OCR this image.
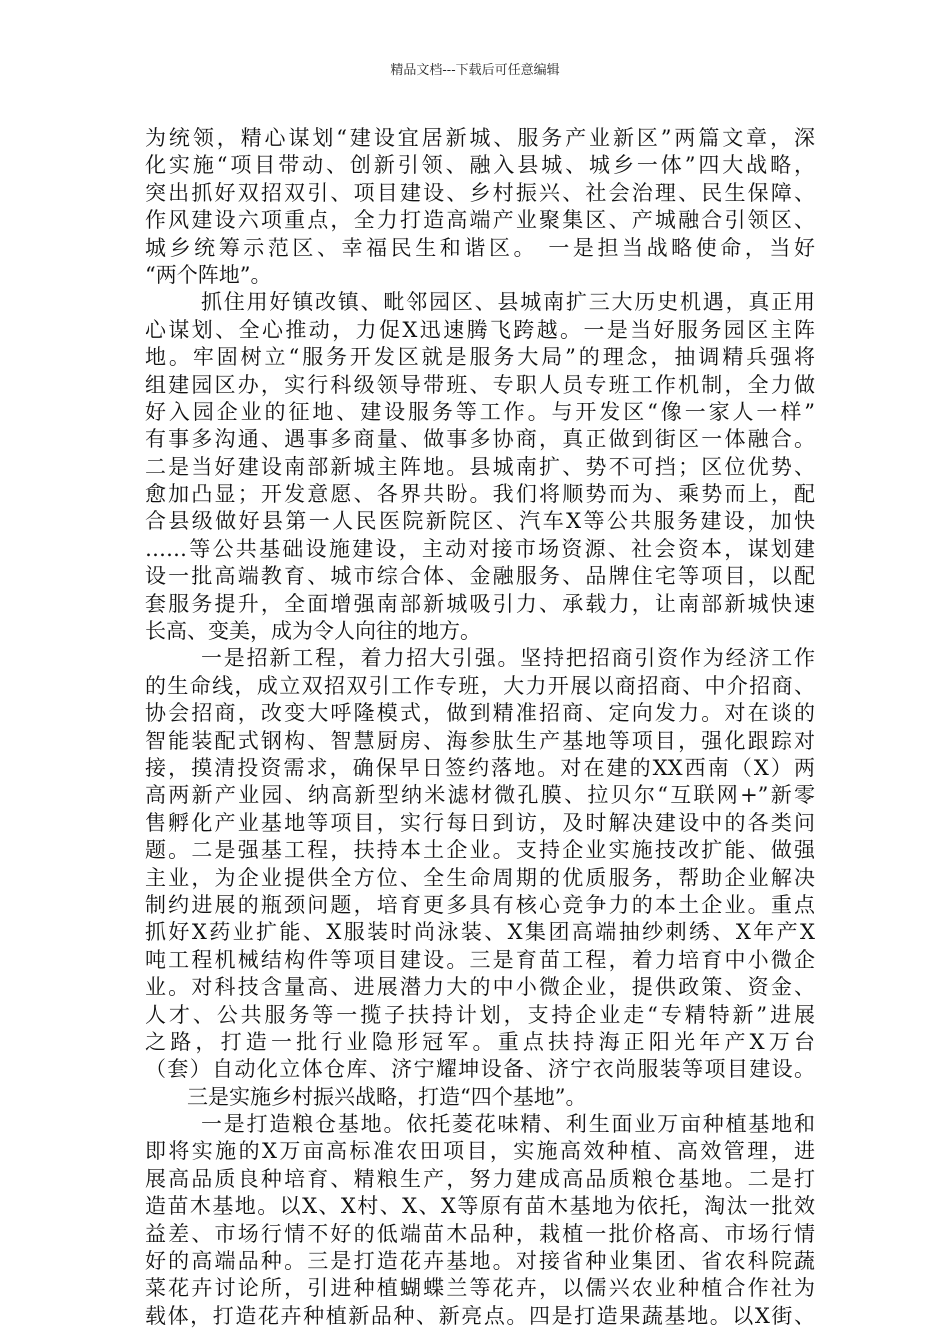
精品文档---下载后可任意编辑
为统领，精心谋划“建设宜居新城、服务产业新区”两篇文章，深
化实施“项目带动、创新引领、融入县城、城乡一体”四大战略，
突出抓好双招双引、项目建设、乡村振兴、社会治理、民生保障、
作风建设六项重点，全力打造高端产业聚集区、产城融合引领区、
城乡统筹示范区、幸福民生和谐区。 一是担当战略使命，当好
“两个阵地”。
抓住用好镇改镇、毗邻园区、县城南扩三大历史机遇，真正用
心谋划、全心推动，力促X迅速腾飞跨越。一是当好服务园区主阵
地。牢固树立“服务开发区就是服务大局”的理念，抽调精兵强将
组建园区办，实行科级领导带班、专职人员专班工作机制，全力做
好入园企业的征地、建设服务等工作。与开发区“像一家人一样”
有事多沟通、遇事多商量、做事多协商，真正做到街区一体融合。
二是当好建设南部新城主阵地。县城南扩、势不可挡；区位优势、
愈加凸显；开发意愿、各界共盼。我们将顺势而为、乘势而上，配
合县级做好县第一人民医院新院区、汽车X等公共服务建设，加快
……等公共基础设施建设，主动对接市场资源、社会资本，谋划建
设一批高端教育、城市综合体、金融服务、品牌住宅等项目，以配
套服务提升，全面增强南部新城吸引力、承载力，让南部新城快速
长高、变美，成为令人向往的地方。
一是招新工程，着力招大引强。坚持把招商引资作为经济工作
的生命线，成立双招双引工作专班，大力开展以商招商、中介招商、
协会招商，改变大呼隆模式，做到精准招商、定向发力。对在谈的
智能装配式钢构、智慧厨房、海参肽生产基地等项目，强化跟踪对
接，摸清投资需求，确保早日签约落地。对在建的XX西南（X）两
高两新产业园、纳高新型纳米滤材微孔膜、拉贝尔“互联网+”新零
售孵化产业基地等项目，实行每日到访，及时解决建设中的各类问
题。二是强基工程，扶持本土企业。支持企业实施技改扩能、做强
主业，为企业提供全方位、全生命周期的优质服务，帮助企业解决
制约进展的瓶颈问题，培育更多具有核心竞争力的本土企业。重点
抓好X药业扩能、X服装时尚泳装、X集团高端抽纱刺绣、X年产X
吨工程机械结构件等项目建设。三是育苗工程，着力培育中小微企
业。对科技含量高、进展潜力大的中小微企业，提供政策、资金、
人才、公共服务等一揽子扶持计划，支持企业走“专精特新”进展
之路，打造一批行业隐形冠军。重点扶持海正阳光年产X万台
（套）自动化立体仓库、济宁耀坤设备、济宁衣尚服装等项目建设。
三是实施乡村振兴战略，打造“四个基地”。
一是打造粮仓基地。依托菱花味精、利生面业万亩种植基地和
即将实施的X万亩高标准农田项目，实施高效种植、高效管理，进
展高品质良种培育、精粮生产，努力建成高品质粮仓基地。二是打
造苗木基地。以X、X村、X、X等原有苗木基地为依托，淘汰一批效
益差、市场行情不好的低端苗木品种，栽植一批价格高、市场行情
好的高端品种。三是打造花卉基地。对接省种业集团、省农科院蔬
菜花卉讨论所，引进种植蝴蝶兰等花卉，以儒兴农业种植合作社为
载体，打造花卉种植新品种、新亮点。四是打造果蔬基地。以X街、
